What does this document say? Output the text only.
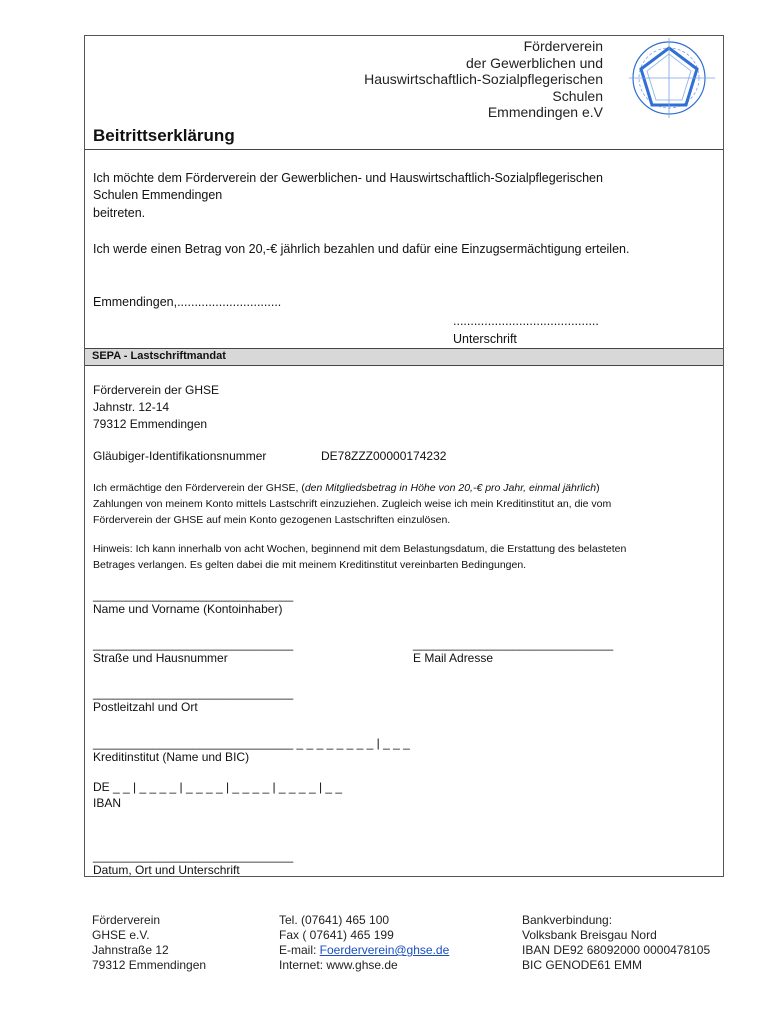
Förderverein
der Gewerblichen und
Hauswirtschaftlich-Sozialpflegerischen
Schulen
Emmendingen e.V
Beitrittserklärung
Ich möchte dem Förderverein der Gewerblichen- und Hauswirtschaftlich-Sozialpflegerischen
Schulen Emmendingen
beitreten.
Ich werde einen Betrag von 20,-€ jährlich bezahlen und dafür eine Einzugsermächtigung erteilen.
Emmendingen,..............................
..........................................
Unterschrift
SEPA - Lastschriftmandat
Förderverein der GHSE
Jahnstr. 12-14
79312 Emmendingen
Gläubiger-Identifikationsnummer	DE78ZZZ00000174232
Ich ermächtige den Förderverein der GHSE, (den Mitgliedsbetrag in Höhe von 20,-€ pro Jahr, einmal jährlich)
Zahlungen von meinem Konto mittels Lastschrift einzuziehen. Zugleich weise ich mein Kreditinstitut an, die vom
Förderverein der GHSE auf mein Konto gezogenen Lastschriften einzulösen.
Hinweis: Ich kann innerhalb von acht Wochen, beginnend mit dem Belastungsdatum, die Erstattung des belasteten
Betrages verlangen. Es gelten dabei die mit meinem Kreditinstitut vereinbarten Bedingungen.
______________________________
Name und Vorname (Kontoinhaber)
______________________________
Straße und Hausnummer
______________________________
E Mail Adresse
______________________________
Postleitzahl und Ort
______________________________ _ _ _ _ _ _ _ _ | _ _ _
Kreditinstitut (Name und BIC)
DE _ _ | _ _ _ _ | _ _ _ _ | _ _ _ _ | _ _ _ _ | _ _
IBAN
______________________________
Datum, Ort und Unterschrift
Förderverein
GHSE e.V.
Jahnstraße 12
79312 Emmendingen
Tel. (07641) 465 100
Fax ( 07641) 465 199
E-mail: Foerderverein@ghse.de
Internet: www.ghse.de
Bankverbindung:
Volksbank Breisgau Nord
IBAN DE92 68092000 0000478105
BIC GENODE61 EMM
